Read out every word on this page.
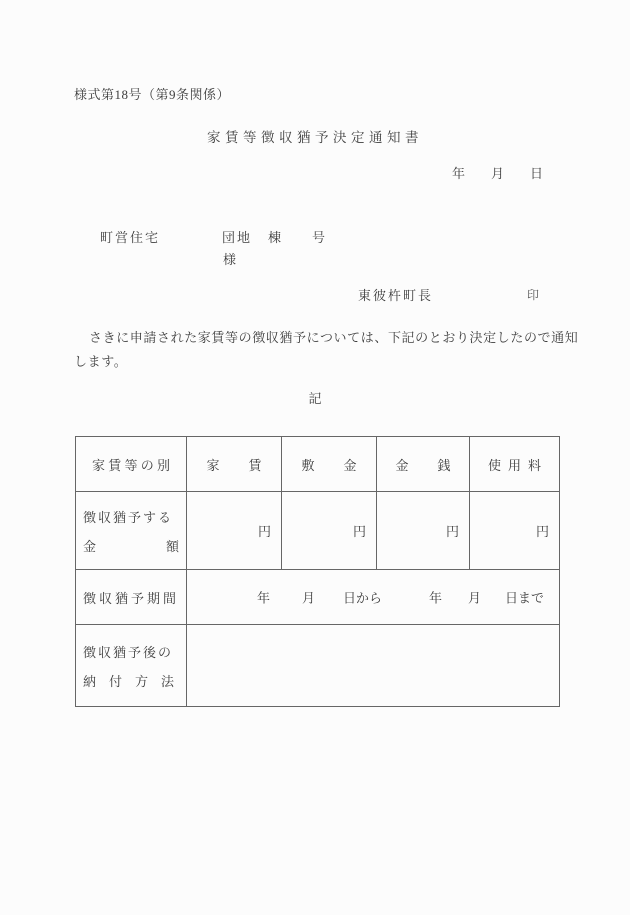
様式第18号（第9条関係）
家賃等徴収猶予決定通知書
年 月 日
町営住宅	団地 棟 号
様
東彼杵町長	印
さきに申請された家賃等の徴収猶予については、下記のとおり決定したので通知
します。
記
家 賃 等 の 別	家賃	敷金	金銭	使用料

徴収猶予する
金 額	円	円	円	円
徴収猶予期間	年 月 日から	年 月 日まで

徴収猶予後の
納付方法				
